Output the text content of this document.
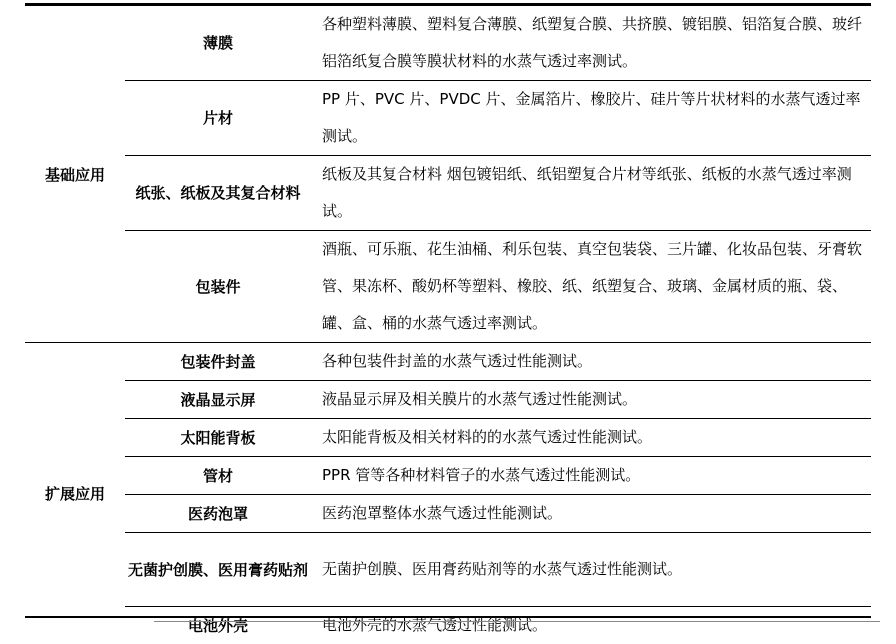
基础应用	薄膜	各种塑料薄膜、塑料复合薄膜、纸塑复合膜、共挤膜、镀铝膜、铝箔复合膜、玻纤铝箔纸复合膜等膜状材料的水蒸气透过率测试。
	片材	PP 片、PVC 片、PVDC 片、金属箔片、橡胶片、硅片等片状材料的水蒸气透过率测试。
	纸张、纸板及其复合材料	纸板及其复合材料 烟包镀铝纸、纸铝塑复合片材等纸张、纸板的水蒸气透过率测试。
	包装件	酒瓶、可乐瓶、花生油桶、利乐包装、真空包装袋、三片罐、化妆品包装、牙膏软管、果冻杯、酸奶杯等塑料、橡胶、纸、纸塑复合、玻璃、金属材质的瓶、袋、罐、盒、桶的水蒸气透过率测试。
扩展应用	包装件封盖	各种包装件封盖的水蒸气透过性能测试。
	液晶显示屏	液晶显示屏及相关膜片的水蒸气透过性能测试。
	太阳能背板	太阳能背板及相关材料的的水蒸气透过性能测试。
	管材	PPR 管等各种材料管子的水蒸气透过性能测试。
	医药泡罩	医药泡罩整体水蒸气透过性能测试。
	无菌护创膜、医用膏药贴剂	无菌护创膜、医用膏药贴剂等的水蒸气透过性能测试。
	电池外壳	电池外壳的水蒸气透过性能测试。
